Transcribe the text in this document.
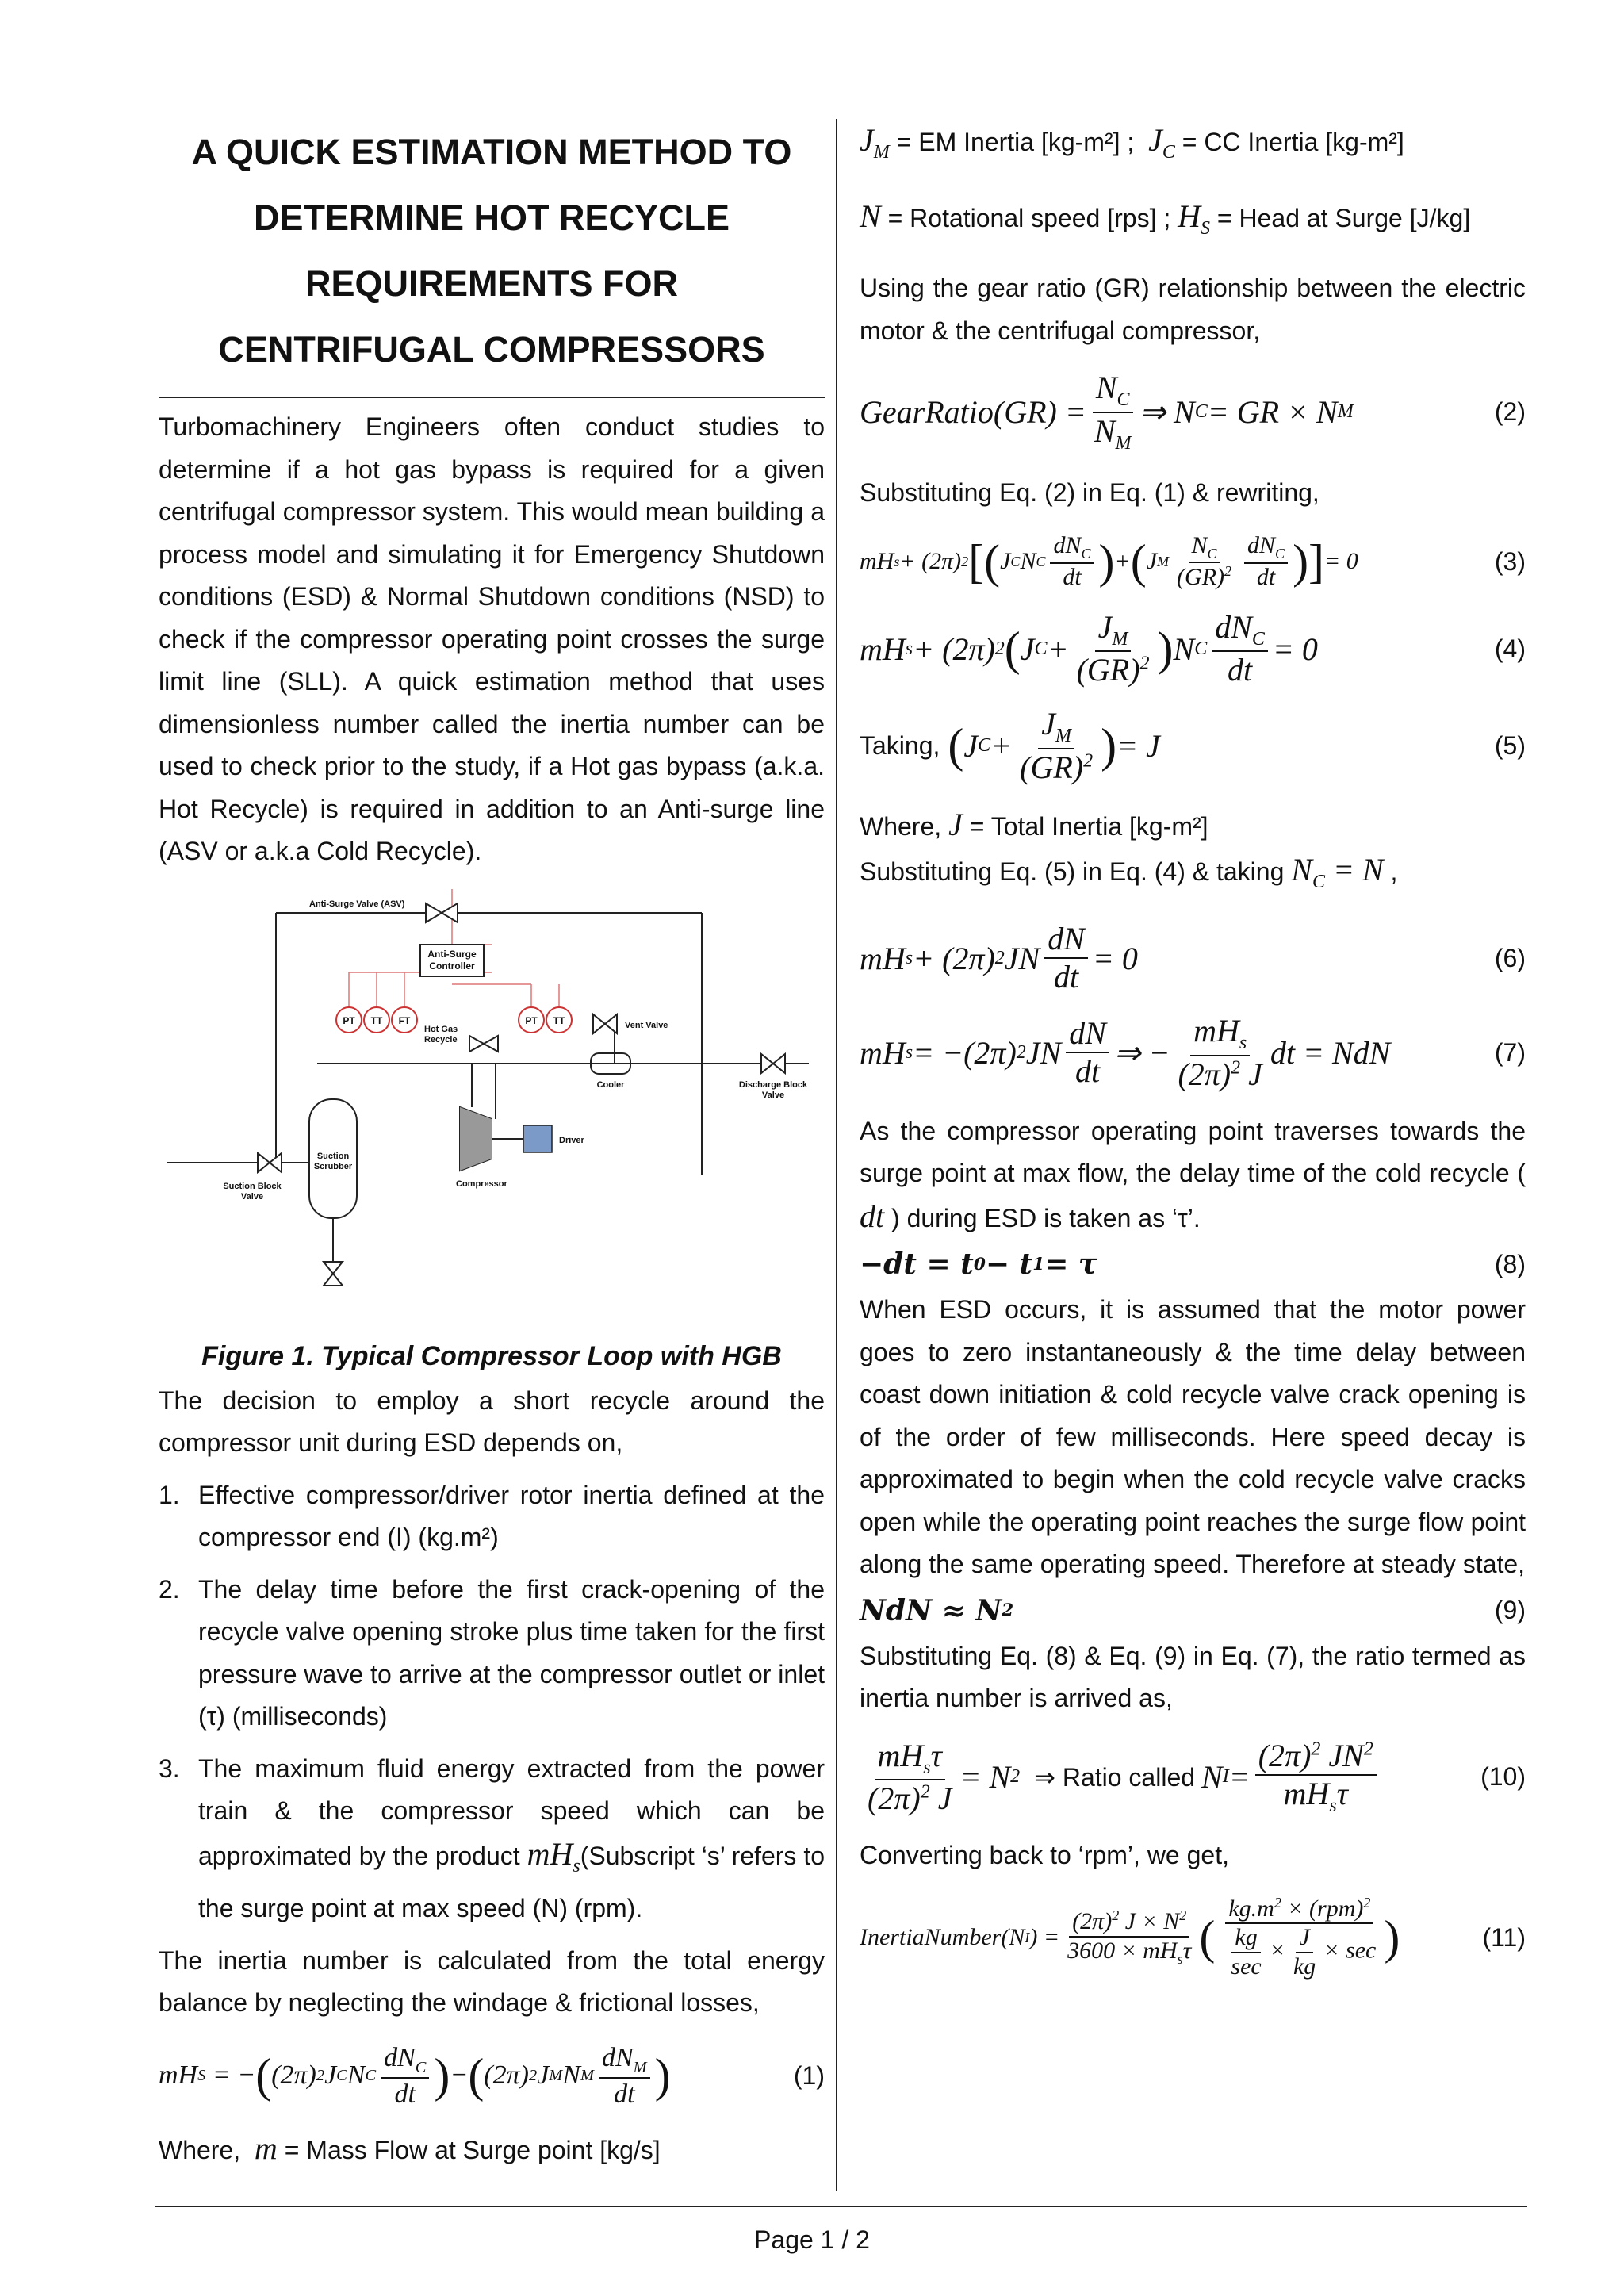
A QUICK ESTIMATION METHOD TO
DETERMINE HOT RECYCLE
REQUIREMENTS FOR
CENTRIFUGAL COMPRESSORS

Turbomachinery Engineers often conduct studies to determine if a hot gas bypass is required for a given centrifugal compressor system. This would mean building a process model and simulating it for Emergency Shutdown conditions (ESD) & Normal Shutdown conditions (NSD) to check if the compressor operating point crosses the surge limit line (SLL). A quick estimation method that uses dimensionless number called the inertia number can be used to check prior to the study, if a Hot gas bypass (a.k.a. Hot Recycle) is required in addition to an Anti-surge line (ASV or a.k.a Cold Recycle).

Anti-Surge Valve (ASV)
Anti-Surge
Controller
PT TT FT	PT TT
Hot Gas
Recycle
Vent Valve
Cooler	Discharge Block
Valve
Driver
Compressor
Suction
Scrubber
Suction Block
Valve
Figure 1. Typical Compressor Loop with HGB

The decision to employ a short recycle around the compressor unit during ESD depends on,

1. Effective compressor/driver rotor inertia defined at the compressor end (I) (kg.m²)
2. The delay time before the first crack-opening of the recycle valve opening stroke plus time taken for the first pressure wave to arrive at the compressor outlet or inlet (τ) (milliseconds)
3. The maximum fluid energy extracted from the power train & the compressor speed which can be approximated by the product $mH_s(Subscript$ ‘s’ refers to the surge point at max speed (N) (rpm).

The inertia number is calculated from the total energy balance by neglecting the windage & frictional losses,

mH S = − ( (2π) 2 J C N C $\frac{dN_C}{dt}$ ) − ( (2π) 2 J M N M $\frac{dN_M}{dt}$ )	(1)

Where,  m = Mass Flow at Surge point [kg/s]

$J_M$ = EM Inertia [kg-m²] ; $J_C$ = CC Inertia [kg-m²]

N = Rotational speed [rps] ; $H_S$ = Head at Surge [J/kg]

Using the gear ratio (GR) relationship between the electric motor & the centrifugal compressor,

GearRatio(GR) = $\frac{N_C}{N_M}$ ⇒ N C = GR × N M	(2)

Substituting Eq. (2) in Eq. (1) & rewriting,

mH s + (2π) 2 [ ( J C N C $\frac{dN_C}{dt}$ ) + ( J M $\frac{N_C}{(GR)^2} \frac{dN_C}{dt}$ ) ] = 0	(3)
mH s + (2π) 2 ( J $C + \frac{J_M}{(GR)^2}$ ) N C $\frac{dN_C}{dt} = 0$	(4)
Taking, ( J $C + \frac{J_M}{(GR)^2}$ ) = J	(5)

Where, J = Total Inertia [kg-m²]

Substituting Eq. (5) in Eq. (4) & taking $N_C = N$ ,

mH s + (2π) 2 JN $\frac{dN}{dt} = 0$	(6)
mH s = −(2π) 2 JN $\frac{dN}{dt}$ ⇒ − $\frac{mH_s}{(2\pi)^2 J}$ dt = NdN	(7)

As the compressor operating point traverses towards the surge point at max flow, the delay time of the cold recycle ( dt ) during ESD is taken as ‘τ’.

−dt = t 0 − t 1 = τ	(8)

When ESD occurs, it is assumed that the motor power goes to zero instantaneously & the time delay between coast down initiation & cold recycle valve crack opening is of the order of few milliseconds. Here speed decay is approximated to begin when the cold recycle valve cracks open while the operating point reaches the surge flow point along the same operating speed. Therefore at steady state,

NdN ≈ N 2	(9)

Substituting Eq. (8) & Eq. (9) in Eq. (7), the ratio termed as inertia number is arrived as,

$\frac{mH_s\tau}{(2\pi)^2 J} = N$ 2
⇒ Ratio called N $I = \frac{(2\pi)^2 JN^2}{mH_s\tau}$	(10)

Converting back to ‘rpm’, we get,

InertiaNumber(N I ) = $\frac{(2\pi)^2 J \times N^2}{3600 \times mH_s\tau}$ ( $\frac{kg.m^2 \times (rpm)^2}{\frac{kg}{\sec} \times \frac{J}{kg} \times \sec}$ )	(11)
Page 1 / 2
